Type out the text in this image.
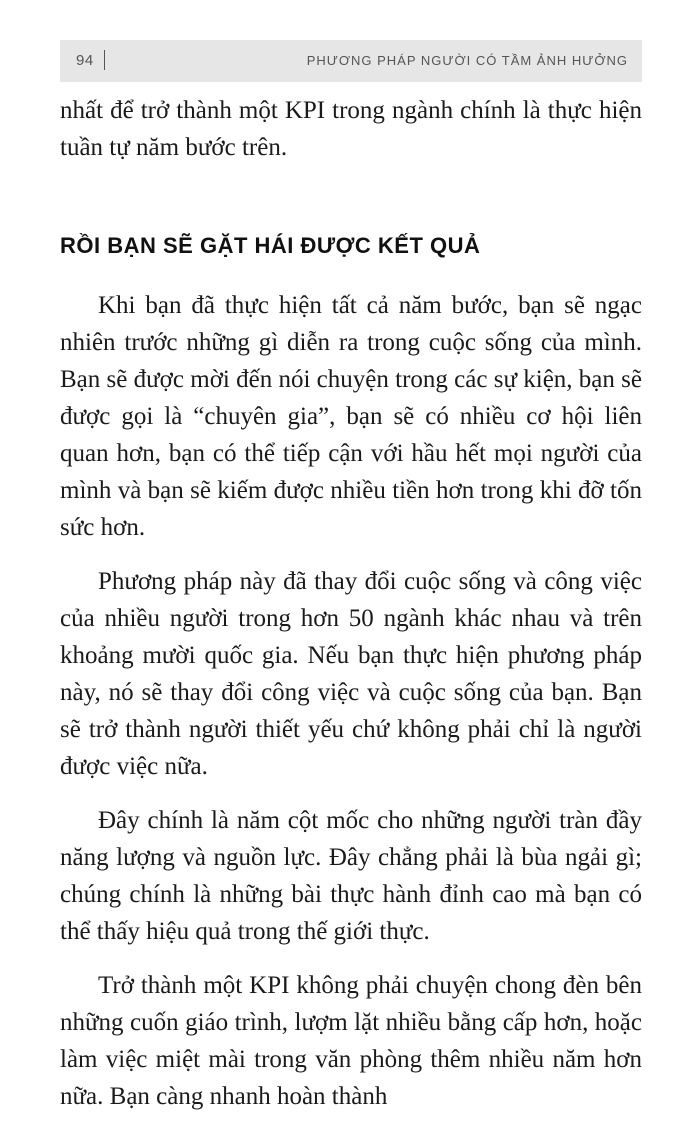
94	PHƯƠNG PHÁP NGƯỜI CÓ TẦM ẢNH HƯỞNG

nhất để trở thành một KPI trong ngành chính là thực hiện tuần tự năm bước trên.

RỒI BẠN SẼ GẶT HÁI ĐƯỢC KẾT QUẢ

Khi bạn đã thực hiện tất cả năm bước, bạn sẽ ngạc nhiên trước những gì diễn ra trong cuộc sống của mình. Bạn sẽ được mời đến nói chuyện trong các sự kiện, bạn sẽ được gọi là “chuyên gia”, bạn sẽ có nhiều cơ hội liên quan hơn, bạn có thể tiếp cận với hầu hết mọi người của mình và bạn sẽ kiếm được nhiều tiền hơn trong khi đỡ tốn sức hơn.

Phương pháp này đã thay đổi cuộc sống và công việc của nhiều người trong hơn 50 ngành khác nhau và trên khoảng mười quốc gia. Nếu bạn thực hiện phương pháp này, nó sẽ thay đổi công việc và cuộc sống của bạn. Bạn sẽ trở thành người thiết yếu chứ không phải chỉ là người được việc nữa.

Đây chính là năm cột mốc cho những người tràn đầy năng lượng và nguồn lực. Đây chẳng phải là bùa ngải gì; chúng chính là những bài thực hành đỉnh cao mà bạn có thể thấy hiệu quả trong thế giới thực.

Trở thành một KPI không phải chuyện chong đèn bên những cuốn giáo trình, lượm lặt nhiều bằng cấp hơn, hoặc làm việc miệt mài trong văn phòng thêm nhiều năm hơn nữa. Bạn càng nhanh hoàn thành
